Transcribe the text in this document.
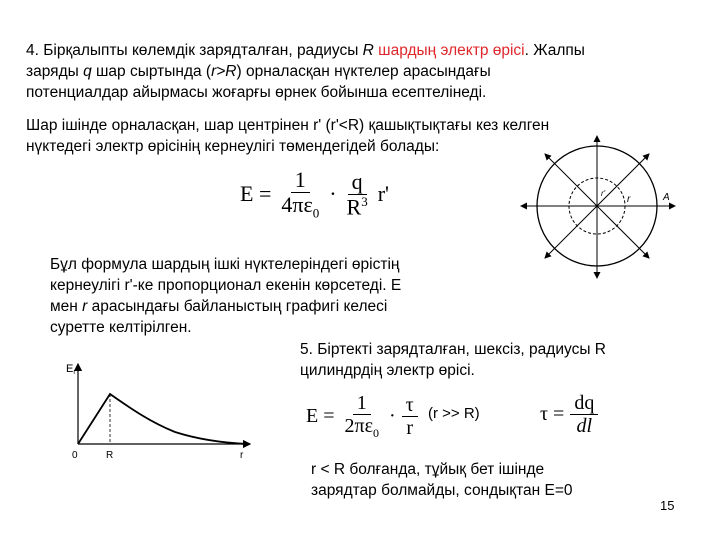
4. Бірқалыпты көлемдік зарядталған, радиусы R шардың электр өрісі. Жалпы
заряды q шар сыртында (r>R) орналасқан нүктелер арасындағы
потенциалдар айырмасы жоғарғы өрнек бойынша есептелінеді.
Шар ішінде орналасқан, шар центрінен r' (r'<R) қашықтықтағы кез келген
нүктедегі электр өрісінің кернеулігі төмендегідей болады:
$E = \frac{1}{4\pi\varepsilon_0} \cdot \frac{q}{R^3} r'$	r	A
r'
Бұл формула шардың ішкі нүктелеріндегі өрістің
кернеулігі r'-ке пропорционал екенін көрсетеді. E
мен r арасындағы байланыстың графигі келесі
суретте келтірілген.
Er
0	R	r
5. Біртекті зарядталған, шексіз, радиусы R
цилиндрдің электр өрісі.
$E = \frac{1}{2\pi\varepsilon_0} \cdot \frac{\tau}{r} (r >> R)$	$\tau = \frac{dq}{dl}$
r < R болғанда, тұйық бет ішінде
зарядтар болмайды, сондықтан E=0
15
